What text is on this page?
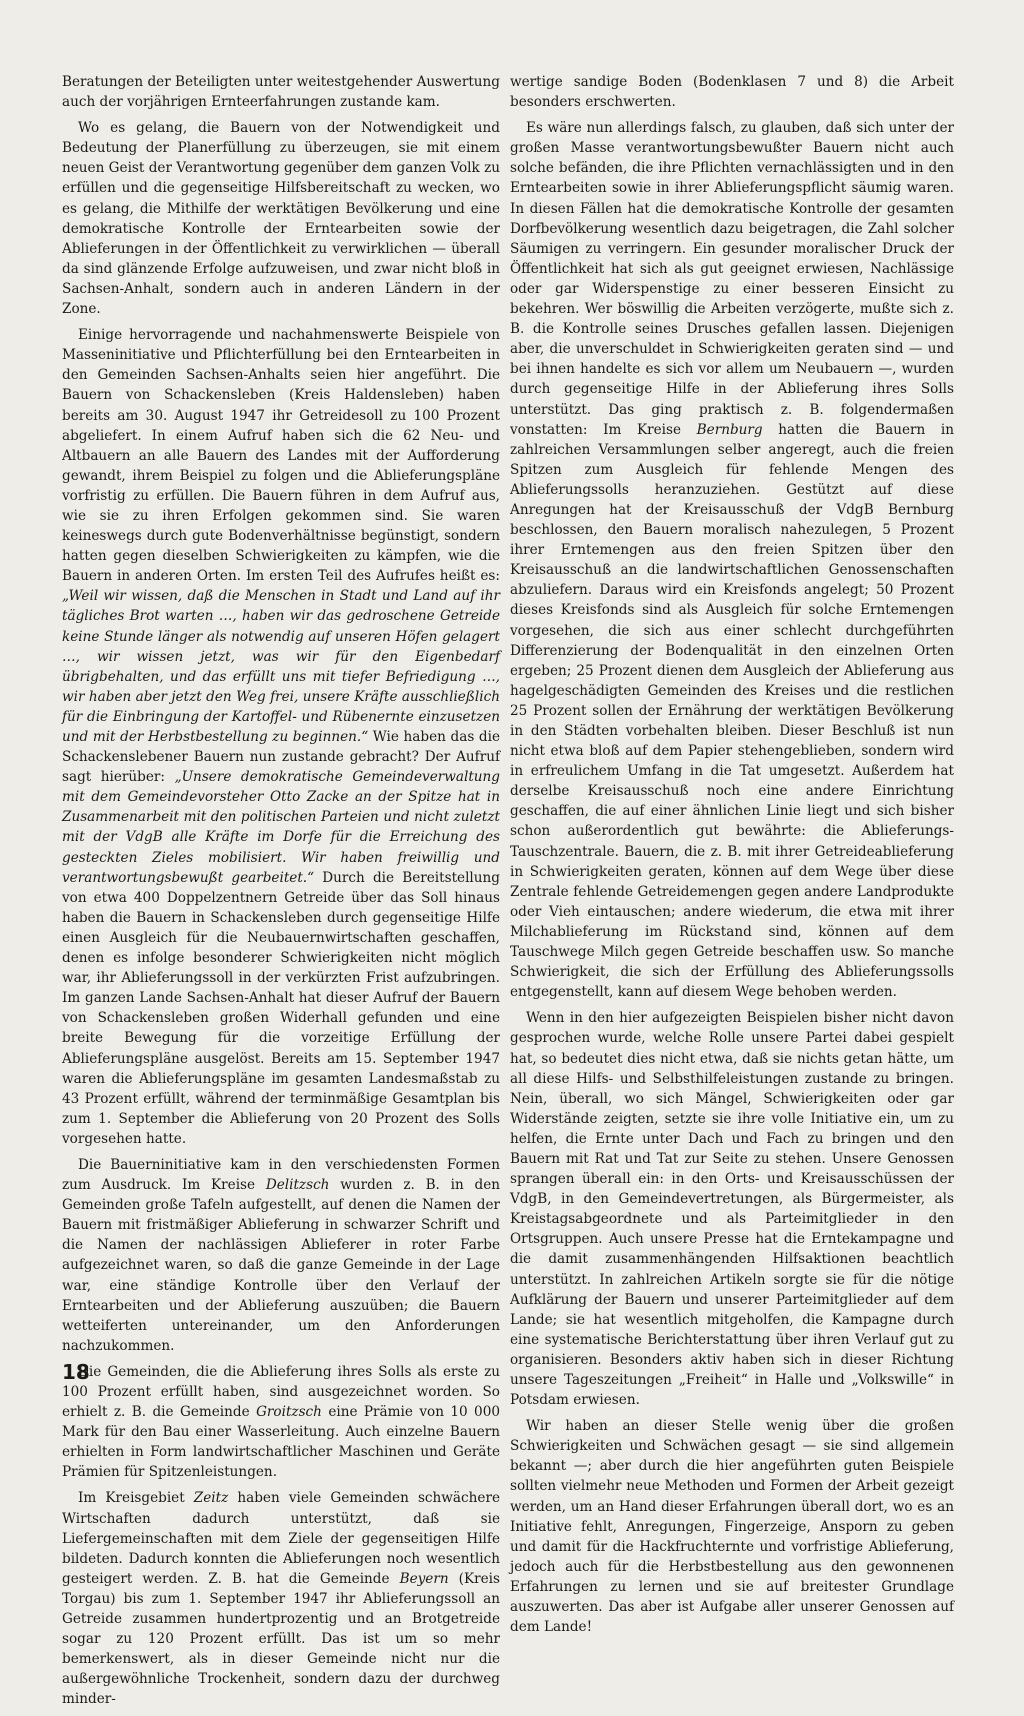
Beratungen der Beteiligten unter weitestgehender Auswertung auch der vorjährigen Ernteerfahrungen zustande kam.

Wo es gelang, die Bauern von der Notwendigkeit und Bedeutung der Planerfüllung zu überzeugen, sie mit einem neuen Geist der Verantwortung gegenüber dem ganzen Volk zu erfüllen und die gegenseitige Hilfsbereitschaft zu wecken, wo es gelang, die Mithilfe der werktätigen Bevölkerung und eine demokratische Kontrolle der Erntearbeiten sowie der Ablieferungen in der Öffentlichkeit zu verwirklichen — überall da sind glänzende Erfolge aufzuweisen, und zwar nicht bloß in Sachsen-Anhalt, sondern auch in anderen Ländern in der Zone.

Einige hervorragende und nachahmenswerte Beispiele von Masseninitiative und Pflichterfüllung bei den Erntearbeiten in den Gemeinden Sachsen-Anhalts seien hier angeführt. Die Bauern von Schackensleben (Kreis Haldensleben) haben bereits am 30. August 1947 ihr Getreidesoll zu 100 Prozent abgeliefert. In einem Aufruf haben sich die 62 Neu- und Altbauern an alle Bauern des Landes mit der Aufforderung gewandt, ihrem Beispiel zu folgen und die Ablieferungspläne vorfristig zu erfüllen. Die Bauern führen in dem Aufruf aus, wie sie zu ihren Erfolgen gekommen sind. Sie waren keineswegs durch gute Bodenverhältnisse begünstigt, sondern hatten gegen dieselben Schwierigkeiten zu kämpfen, wie die Bauern in anderen Orten. Im ersten Teil des Aufrufes heißt es: „Weil wir wissen, daß die Menschen in Stadt und Land auf ihr tägliches Brot warten …, haben wir das gedroschene Getreide keine Stunde länger als notwendig auf unseren Höfen gelagert …, wir wissen jetzt, was wir für den Eigenbedarf übrigbehalten, und das erfüllt uns mit tiefer Befriedigung …, wir haben aber jetzt den Weg frei, unsere Kräfte ausschließlich für die Einbringung der Kartoffel- und Rübenernte einzusetzen und mit der Herbstbestellung zu beginnen.“ Wie haben das die Schackenslebener Bauern nun zustande gebracht? Der Aufruf sagt hierüber: „Unsere demokratische Gemeindeverwaltung mit dem Gemeindevorsteher Otto Zacke an der Spitze hat in Zusammenarbeit mit den politischen Parteien und nicht zuletzt mit der VdgB alle Kräfte im Dorfe für die Erreichung des gesteckten Zieles mobilisiert. Wir haben freiwillig und verantwortungsbewußt gearbeitet.“ Durch die Bereitstellung von etwa 400 Doppelzentnern Getreide über das Soll hinaus haben die Bauern in Schackensleben durch gegenseitige Hilfe einen Ausgleich für die Neubauernwirtschaften geschaffen, denen es infolge besonderer Schwierigkeiten nicht möglich war, ihr Ablieferungssoll in der verkürzten Frist aufzubringen. Im ganzen Lande Sachsen-Anhalt hat dieser Aufruf der Bauern von Schackensleben großen Widerhall gefunden und eine breite Bewegung für die vorzeitige Erfüllung der Ablieferungspläne ausgelöst. Bereits am 15. September 1947 waren die Ablieferungspläne im gesamten Landesmaßstab zu 43 Prozent erfüllt, während der terminmäßige Gesamtplan bis zum 1. September die Ablieferung von 20 Prozent des Solls vorgesehen hatte.

Die Bauerninitiative kam in den verschiedensten Formen zum Ausdruck. Im Kreise Delitzsch wurden z. B. in den Gemeinden große Tafeln aufgestellt, auf denen die Namen der Bauern mit fristmäßiger Ablieferung in schwarzer Schrift und die Namen der nachlässigen Ablieferer in roter Farbe aufgezeichnet waren, so daß die ganze Gemeinde in der Lage war, eine ständige Kontrolle über den Verlauf der Erntearbeiten und der Ablieferung auszuüben; die Bauern wetteiferten untereinander, um den Anforderungen nachzukommen.

Die Gemeinden, die die Ablieferung ihres Solls als erste zu 100 Prozent erfüllt haben, sind ausgezeichnet worden. So erhielt z. B. die Gemeinde Groitzsch eine Prämie von 10 000 Mark für den Bau einer Wasserleitung. Auch einzelne Bauern erhielten in Form landwirtschaftlicher Maschinen und Geräte Prämien für Spitzenleistungen.

Im Kreisgebiet Zeitz haben viele Gemeinden schwächere Wirtschaften dadurch unterstützt, daß sie Liefergemeinschaften mit dem Ziele der gegenseitigen Hilfe bildeten. Dadurch konnten die Ablieferungen noch wesentlich gesteigert werden. Z. B. hat die Gemeinde Beyern (Kreis Torgau) bis zum 1. September 1947 ihr Ablieferungssoll an Getreide zusammen hundertprozentig und an Brotgetreide sogar zu 120 Prozent erfüllt. Das ist um so mehr bemerkenswert, als in dieser Gemeinde nicht nur die außergewöhnliche Trockenheit, sondern dazu der durchweg minder-

wertige sandige Boden (Bodenklasen 7 und 8) die Arbeit besonders erschwerten.

Es wäre nun allerdings falsch, zu glauben, daß sich unter der großen Masse verantwortungsbewußter Bauern nicht auch solche befänden, die ihre Pflichten vernachlässigten und in den Erntearbeiten sowie in ihrer Ablieferungspflicht säumig waren. In diesen Fällen hat die demokratische Kontrolle der gesamten Dorfbevölkerung wesentlich dazu beigetragen, die Zahl solcher Säumigen zu verringern. Ein gesunder moralischer Druck der Öffentlichkeit hat sich als gut geeignet erwiesen, Nachlässige oder gar Widerspenstige zu einer besseren Einsicht zu bekehren. Wer böswillig die Arbeiten verzögerte, mußte sich z. B. die Kontrolle seines Drusches gefallen lassen. Diejenigen aber, die unverschuldet in Schwierigkeiten geraten sind — und bei ihnen handelte es sich vor allem um Neubauern —, wurden durch gegenseitige Hilfe in der Ablieferung ihres Solls unterstützt. Das ging praktisch z. B. folgendermaßen vonstatten: Im Kreise Bernburg hatten die Bauern in zahlreichen Versammlungen selber angeregt, auch die freien Spitzen zum Ausgleich für fehlende Mengen des Ablieferungssolls heranzuziehen. Gestützt auf diese Anregungen hat der Kreisausschuß der VdgB Bernburg beschlossen, den Bauern moralisch nahezulegen, 5 Prozent ihrer Erntemengen aus den freien Spitzen über den Kreisausschuß an die landwirtschaftlichen Genossenschaften abzuliefern. Daraus wird ein Kreisfonds angelegt; 50 Prozent dieses Kreisfonds sind als Ausgleich für solche Erntemengen vorgesehen, die sich aus einer schlecht durchgeführten Differenzierung der Bodenqualität in den einzelnen Orten ergeben; 25 Prozent dienen dem Ausgleich der Ablieferung aus hagelgeschädigten Gemeinden des Kreises und die restlichen 25 Prozent sollen der Ernährung der werktätigen Bevölkerung in den Städten vorbehalten bleiben. Dieser Beschluß ist nun nicht etwa bloß auf dem Papier stehengeblieben, sondern wird in erfreulichem Umfang in die Tat umgesetzt. Außerdem hat derselbe Kreisausschuß noch eine andere Einrichtung geschaffen, die auf einer ähnlichen Linie liegt und sich bisher schon außerordentlich gut bewährte: die Ablieferungs-Tauschzentrale. Bauern, die z. B. mit ihrer Getreideablieferung in Schwierigkeiten geraten, können auf dem Wege über diese Zentrale fehlende Getreidemengen gegen andere Landprodukte oder Vieh eintauschen; andere wiederum, die etwa mit ihrer Milchablieferung im Rückstand sind, können auf dem Tauschwege Milch gegen Getreide beschaffen usw. So manche Schwierigkeit, die sich der Erfüllung des Ablieferungssolls entgegenstellt, kann auf diesem Wege behoben werden.

Wenn in den hier aufgezeigten Beispielen bisher nicht davon gesprochen wurde, welche Rolle unsere Partei dabei gespielt hat, so bedeutet dies nicht etwa, daß sie nichts getan hätte, um all diese Hilfs- und Selbsthilfeleistungen zustande zu bringen. Nein, überall, wo sich Mängel, Schwierigkeiten oder gar Widerstände zeigten, setzte sie ihre volle Initiative ein, um zu helfen, die Ernte unter Dach und Fach zu bringen und den Bauern mit Rat und Tat zur Seite zu stehen. Unsere Genossen sprangen überall ein: in den Orts- und Kreisausschüssen der VdgB, in den Gemeindevertretungen, als Bürgermeister, als Kreistagsabgeordnete und als Parteimitglieder in den Ortsgruppen. Auch unsere Presse hat die Erntekampagne und die damit zusammenhängenden Hilfsaktionen beachtlich unterstützt. In zahlreichen Artikeln sorgte sie für die nötige Aufklärung der Bauern und unserer Parteimitglieder auf dem Lande; sie hat wesentlich mitgeholfen, die Kampagne durch eine systematische Berichterstattung über ihren Verlauf gut zu organisieren. Besonders aktiv haben sich in dieser Richtung unsere Tageszeitungen „Freiheit“ in Halle und „Volkswille“ in Potsdam erwiesen.

Wir haben an dieser Stelle wenig über die großen Schwierigkeiten und Schwächen gesagt — sie sind allgemein bekannt —; aber durch die hier angeführten guten Beispiele sollten vielmehr neue Methoden und Formen der Arbeit gezeigt werden, um an Hand dieser Erfahrungen überall dort, wo es an Initiative fehlt, Anregungen, Fingerzeige, Ansporn zu geben und damit für die Hackfruchternte und vorfristige Ablieferung, jedoch auch für die Herbstbestellung aus den gewonnenen Erfahrungen zu lernen und sie auf breitester Grundlage auszuwerten. Das aber ist Aufgabe aller unserer Genossen auf dem Lande!

18
